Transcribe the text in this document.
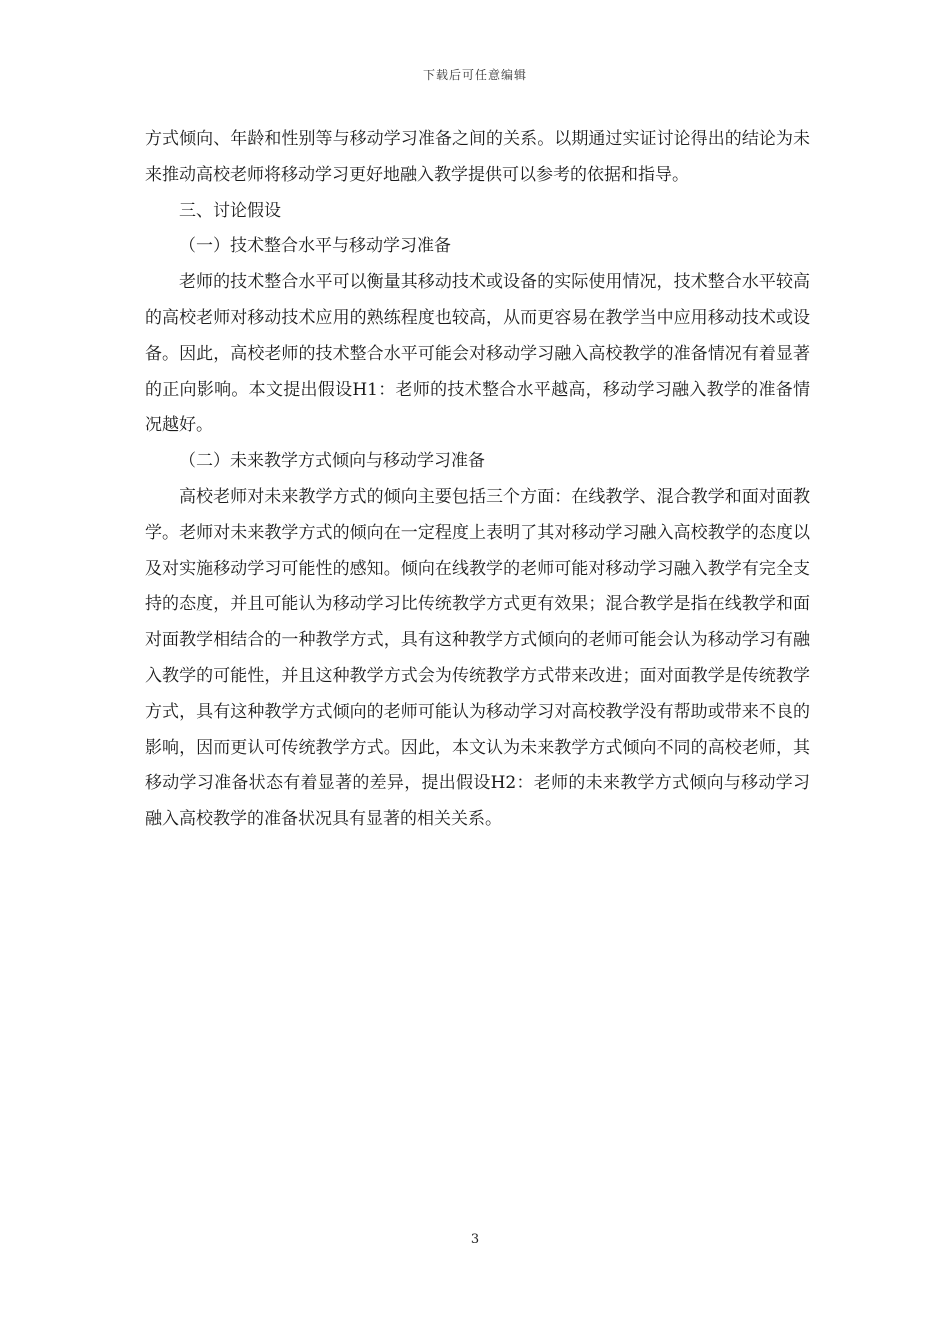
下载后可任意编辑

方式倾向、年龄和性别等与移动学习准备之间的关系。以期通过实证讨论得出的结论为未来推动高校老师将移动学习更好地融入教学提供可以参考的依据和指导。

三、讨论假设

（一）技术整合水平与移动学习准备

老师的技术整合水平可以衡量其移动技术或设备的实际使用情况，技术整合水平较高的高校老师对移动技术应用的熟练程度也较高，从而更容易在教学当中应用移动技术或设备。因此，高校老师的技术整合水平可能会对移动学习融入高校教学的准备情况有着显著的正向影响。本文提出假设H1：老师的技术整合水平越高，移动学习融入教学的准备情况越好。

（二）未来教学方式倾向与移动学习准备

高校老师对未来教学方式的倾向主要包括三个方面：在线教学、混合教学和面对面教学。老师对未来教学方式的倾向在一定程度上表明了其对移动学习融入高校教学的态度以及对实施移动学习可能性的感知。倾向在线教学的老师可能对移动学习融入教学有完全支持的态度，并且可能认为移动学习比传统教学方式更有效果；混合教学是指在线教学和面对面教学相结合的一种教学方式，具有这种教学方式倾向的老师可能会认为移动学习有融入教学的可能性，并且这种教学方式会为传统教学方式带来改进；面对面教学是传统教学方式，具有这种教学方式倾向的老师可能认为移动学习对高校教学没有帮助或带来不良的影响，因而更认可传统教学方式。因此，本文认为未来教学方式倾向不同的高校老师，其移动学习准备状态有着显著的差异，提出假设H2：老师的未来教学方式倾向与移动学习融入高校教学的准备状况具有显著的相关关系。

3
